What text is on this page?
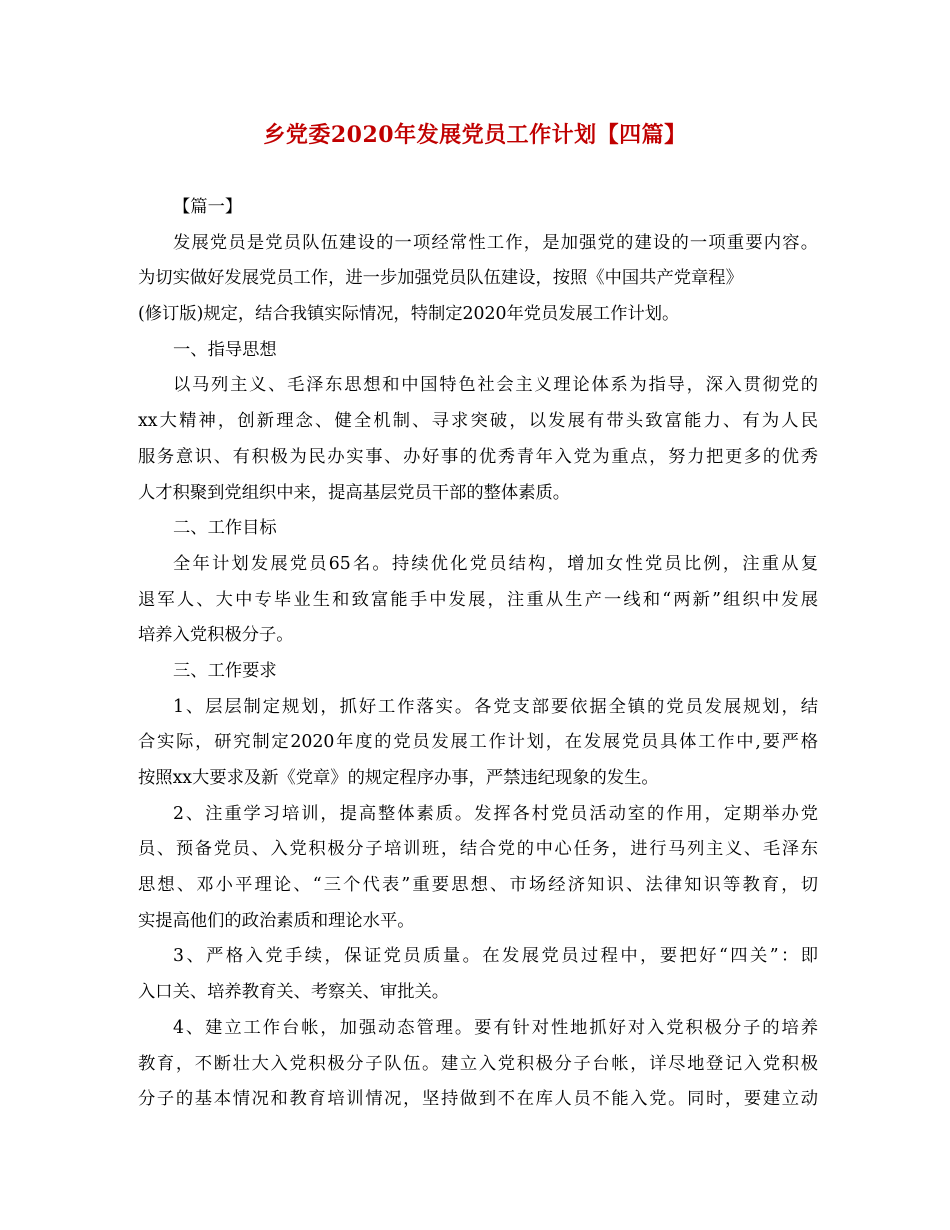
乡党委2020年发展党员工作计划【四篇】
【篇一】
发展党员是党员队伍建设的一项经常性工作，是加强党的建设的一项重要内容。
为切实做好发展党员工作，进一步加强党员队伍建设，按照《中国共产党章程》
(修订版)规定，结合我镇实际情况，特制定2020年党员发展工作计划。
一、指导思想
以马列主义、毛泽东思想和中国特色社会主义理论体系为指导，深入贯彻党的
xx大精神，创新理念、健全机制、寻求突破，以发展有带头致富能力、有为人民
服务意识、有积极为民办实事、办好事的优秀青年入党为重点，努力把更多的优秀
人才积聚到党组织中来，提高基层党员干部的整体素质。
二、工作目标
全年计划发展党员65名。持续优化党员结构，增加女性党员比例，注重从复
退军人、大中专毕业生和致富能手中发展，注重从生产一线和“两新”组织中发展
培养入党积极分子。
三、工作要求
1、层层制定规划，抓好工作落实。各党支部要依据全镇的党员发展规划，结
合实际，研究制定2020年度的党员发展工作计划，在发展党员具体工作中,要严格
按照xx大要求及新《党章》的规定程序办事，严禁违纪现象的发生。
2、注重学习培训，提高整体素质。发挥各村党员活动室的作用，定期举办党
员、预备党员、入党积极分子培训班，结合党的中心任务，进行马列主义、毛泽东
思想、邓小平理论、“三个代表”重要思想、市场经济知识、法律知识等教育，切
实提高他们的政治素质和理论水平。
3、严格入党手续，保证党员质量。在发展党员过程中，要把好“四关”：即
入口关、培养教育关、考察关、审批关。
4、建立工作台帐，加强动态管理。要有针对性地抓好对入党积极分子的培养
教育，不断壮大入党积极分子队伍。建立入党积极分子台帐，详尽地登记入党积极
分子的基本情况和教育培训情况，坚持做到不在库人员不能入党。同时，要建立动
